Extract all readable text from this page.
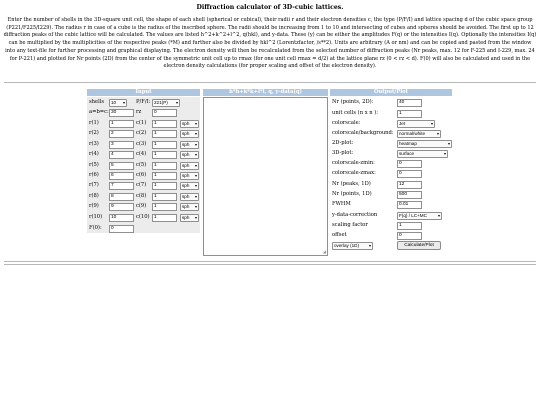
Diffraction calculator of 3D-cubic lattices.
Enter the number of shells in the 3D-square unit cell, the shape of each shell (spherical or cubical), their radii r and their electron densities c, the type (P/F/I) and lattice spacing d of the cubic space group (P221/F225/I229). The radius r in case of a cube is the radius of the inscribed sphere. The radii should be increasing from 1 to 10 and intersecting of cubes and spheres should be avoided. The first up to 12 diffraction peaks of the cubic lattice will be calculated. The values are listed h^2+k^2+l^2, q(hkl), and y-data. These (y) can be either the amplitudes F(q) or the intensities I(q). Optionally the intensities I(q) can be multiplied by the multiplicities of the respective peaks (*M) and further also be divided by hkl^2 (Lorentzfactor, /s**2). Units are arbitrary (A or nm) and can be copied and pasted from the window into any text-file for further processing and graphical displaying. The electron density will then be recalculated from the selected number of diffraction peaks (Nr peaks, max. 12 for F-225 and I-229, max. 24 for P-221) and plotted for Nr points (2D) from the center of the symmetric unit cell up to rmax (for one unit cell rmax = d/2) at the lattice plane rz (0 < rz < d). F(0) will also be calculated and used in the electron density calculations (for proper scaling and offset of the electron density).
Input
shells	10 ▾ P/F/I: 221(P) ▾
a=b=c: 30	rz	0
r(1)	1	c(1)	1	sph ▾
r(2)	2	c(2)	1	sph ▾
r(3)	3	c(3)	1	sph ▾
r(4)	4	c(4)	1	sph ▾
r(5)	5	c(5)	1	sph ▾
r(6)	6	c(6)	1	sph ▾
r(7)	7	c(7)	1	sph ▾
r(8)	8	c(8)	1	sph ▾
r(9)	9	c(9)	1	sph ▾
r(10)	10	c(10) 1	sph ▾
F(0):	0
h*h+k*k+l*l, q, y-data(q)
◢
Output/Plot
Nr (points, 2D):	40
unit cells (n x n ):	1
colorscale:	Jet	▾
colorscale/background:	normal/white	▾
2D-plot:	heatmap	▾
3D-plot:	surface	▾
colorscale-zmin:	0
colorscale-zmax:	0
Nr (peaks, 1D)	12
Nr (points, 1D)	500
FWHM	0.01
y-data-correction	F(q) / LC+MC	▾
scaling factor	1
offset	0
overlay (1D) ▾	Calculate/Plot
